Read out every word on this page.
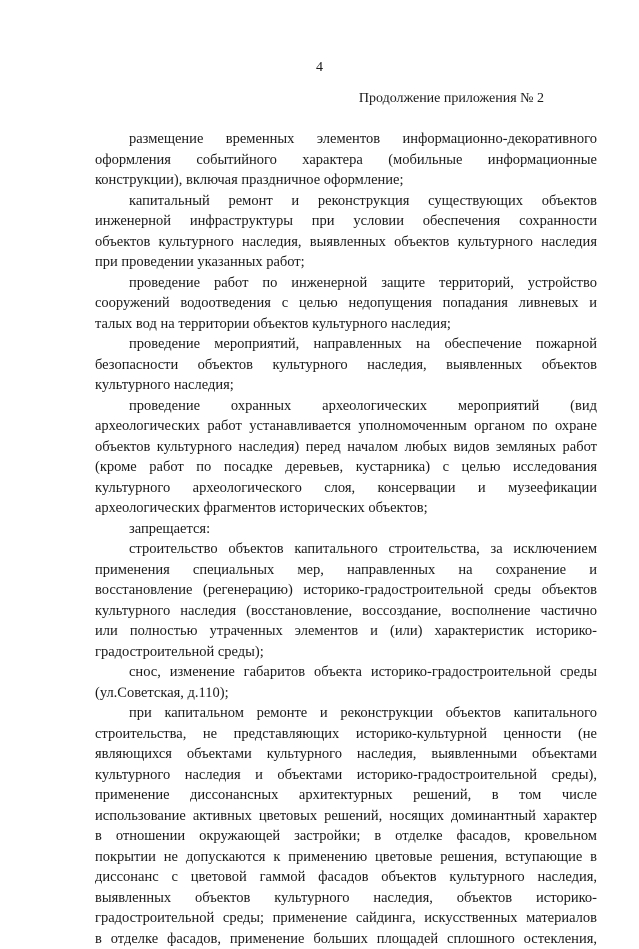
4
Продолжение приложения № 2
размещение временных элементов информационно-декоративного
оформления событийного характера (мобильные информационные
конструкции), включая праздничное оформление;
капитальный ремонт и реконструкция существующих объектов
инженерной инфраструктуры при условии обеспечения сохранности
объектов культурного наследия, выявленных объектов культурного наследия
при проведении указанных работ;
проведение работ по инженерной защите территорий, устройство
сооружений водоотведения с целью недопущения попадания ливневых и
талых вод на территории объектов культурного наследия;
проведение мероприятий, направленных на обеспечение пожарной
безопасности объектов культурного наследия, выявленных объектов
культурного наследия;
проведение охранных археологических мероприятий (вид
археологических работ устанавливается уполномоченным органом по охране
объектов культурного наследия) перед началом любых видов земляных работ
(кроме работ по посадке деревьев, кустарника) с целью исследования
культурного археологического слоя, консервации и музеефикации
археологических фрагментов исторических объектов;
запрещается:
строительство объектов капитального строительства, за исключением
применения специальных мер, направленных на сохранение и
восстановление (регенерацию) историко-градостроительной среды объектов
культурного наследия (восстановление, воссоздание, восполнение частично
или полностью утраченных элементов и (или) характеристик историко-
градостроительной среды);
снос, изменение габаритов объекта историко-градостроительной среды
(ул.Советская, д.110);
при капитальном ремонте и реконструкции объектов капитального
строительства, не представляющих историко-культурной ценности (не
являющихся объектами культурного наследия, выявленными объектами
культурного наследия и объектами историко-градостроительной среды),
применение диссонансных архитектурных решений, в том числе
использование активных цветовых решений, носящих доминантный характер
в отношении окружающей застройки; в отделке фасадов, кровельном
покрытии не допускаются к применению цветовые решения, вступающие в
диссонанс с цветовой гаммой фасадов объектов культурного наследия,
выявленных объектов культурного наследия, объектов историко-
градостроительной среды; применение сайдинга, искусственных материалов
в отделке фасадов, применение больших площадей сплошного остекления,
